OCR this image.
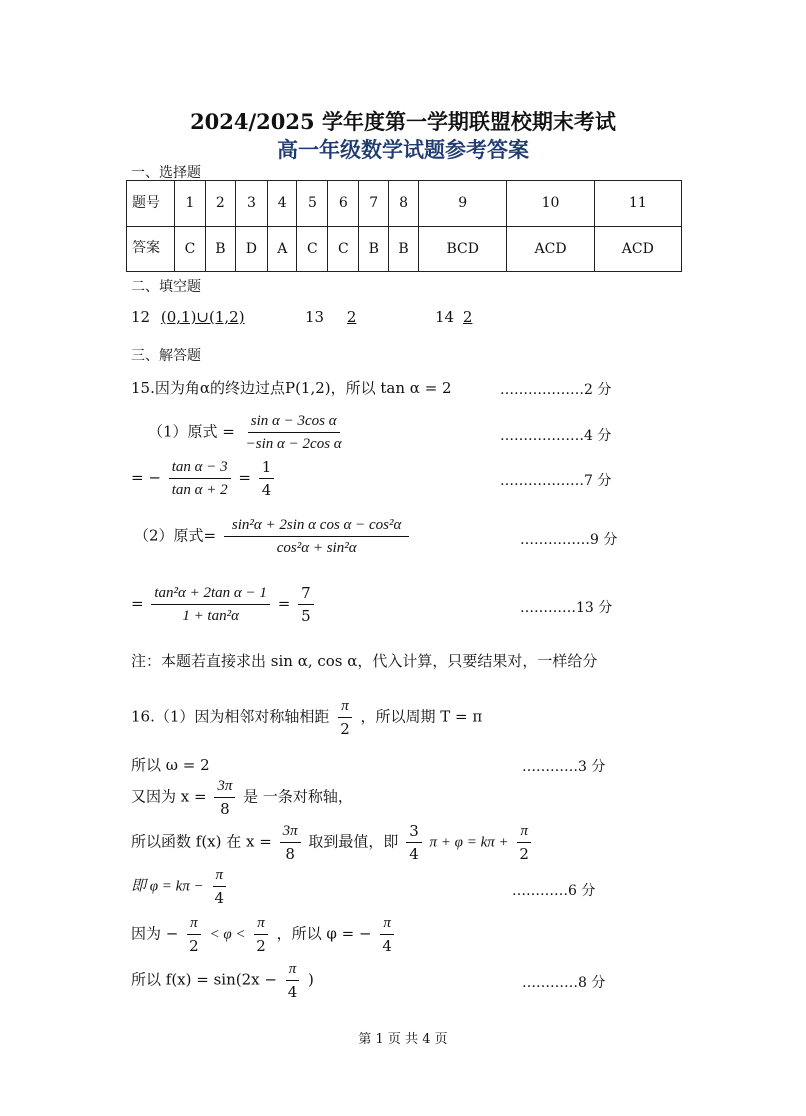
2024/2025 学年度第一学期联盟校期末考试
高一年级数学试题参考答案
一、选择题
题号	1	2	3	4	5	6	7	8	9	10	11
答案	C	B	D	A	C	C	B	B	BCD	ACD	ACD
二、填空题
12 (0,1)∪(1,2)	13 2	14 2
三、解答题
15.因为角α的终边过点P(1,2)，所以 tan α = 2	………………2 分
（1）原式 = $\frac{\text{sin α − 3cos α}}{\text{−sin α − 2cos α}}$	………………4 分
= − $\frac{\text{tan α − 3}}{\text{tan α + 2}} = \frac{1}{4}$	………………7 分
（2）原式= $\frac{\text{sin²α + 2sin α cos α − cos²α}}{\text{cos²α + sin²α}}$	……………9 分
= $\frac{\text{tan²α + 2tan α − 1}}{\text{1 + tan²α}} = \frac{7}{5}$	…………13 分
注：本题若直接求出 sin α, cos α，代入计算，只要结果对，一样给分
16.（1）因为相邻对称轴相距 $\frac{\pi}{2}$ ，所以周期 T = π
所以 ω = 2	…………3 分
又因为 $x = \frac{3\pi}{8}$ 是 一条对称轴，
所以函数 f(x) 在 $x = \frac{3\pi}{8}$ 取到最值，即 $\frac{3}{4}$ $\pi + \varphi = k\pi + \frac{\pi}{2}$
即 $\varphi = k\pi - \frac{\pi}{4}$	…………6 分
因为 − $\frac{\pi}{2} < \varphi < \frac{\pi}{2}$ ，所以 φ = − $\frac{\pi}{4}$
所以 $f(x) = \sin(2x - \frac{\pi}{4}$ )	…………8 分
第 1 页 共 4 页
